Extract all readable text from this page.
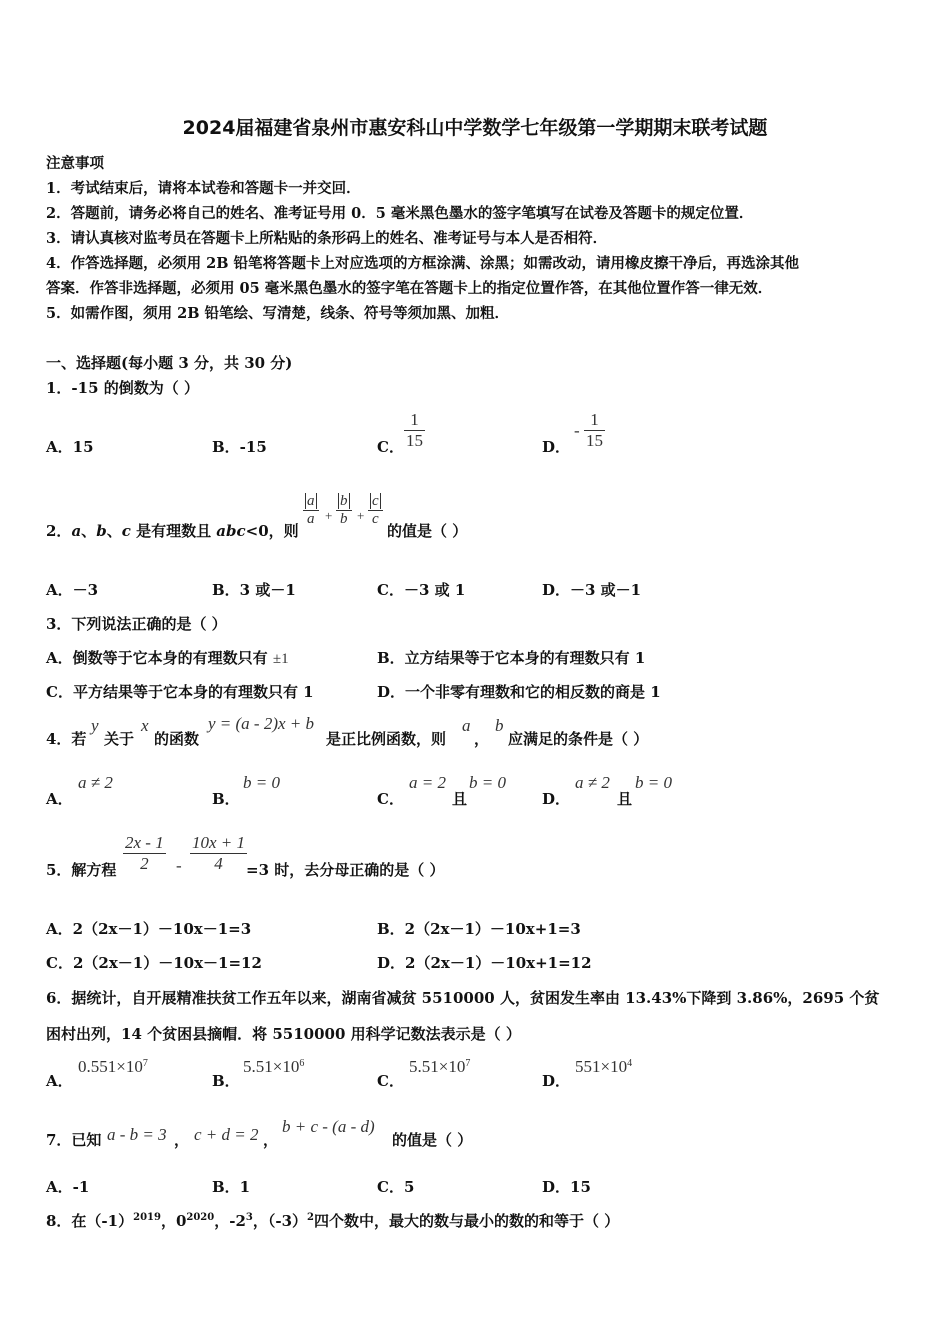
2024届福建省泉州市惠安科山中学数学七年级第一学期期末联考试题
注意事项
1．考试结束后，请将本试卷和答题卡一并交回．
2．答题前，请务必将自己的姓名、准考证号用 0．5 毫米黑色墨水的签字笔填写在试卷及答题卡的规定位置．
3．请认真核对监考员在答题卡上所粘贴的条形码上的姓名、准考证号与本人是否相符．
4．作答选择题，必须用 2B 铅笔将答题卡上对应选项的方框涂满、涂黑；如需改动，请用橡皮擦干净后，再选涂其他
答案．作答非选择题，必须用 05 毫米黑色墨水的签字笔在答题卡上的指定位置作答，在其他位置作答一律无效．
5．如需作图，须用 2B 铅笔绘、写清楚，线条、符号等须加黑、加粗．
一、选择题(每小题 3 分，共 30 分)
1．-15 的倒数为（ ）
A．15	B．-15	C． $\frac{1}{15}$	D．
- $\frac{1}{15}$
2．a、b、c 是有理数且 abc<0，则
$\frac{a}{a} + \frac{b}{b} + \frac{c}{c}$
的值是（ ）
A．－3	B．3 或－1	C．－3 或 1	D．－3 或－1
3．下列说法正确的是（ ）
A．倒数等于它本身的有理数只有 ±1	B．立方结果等于它本身的有理数只有 1
C．平方结果等于它本身的有理数只有 1	D．一个非零有理数和它的相反数的商是 1
4．若
y
关于
x
的函数
y = (a - 2)x + b
是正比例函数，则
a
，
b
应满足的条件是（ ）
A．
a ≠ 2
B．
b = 0
C．
a = 2
且
b = 0
D．
a ≠ 2
且
b = 0
5．解方程 $\frac{2x - 1}{2} - \frac{10x + 1}{4}$
=3 时，去分母正确的是（ ）
A．2（2x－1）－10x－1=3	B．2（2x－1）－10x+1=3
C．2（2x－1）－10x－1=12	D．2（2x－1）－10x+1=12
6．据统计，自开展精准扶贫工作五年以来，湖南省减贫 5510000 人，贫困发生率由 13.43%下降到 3.86%，2695 个贫
困村出列，14 个贫困县摘帽．将 5510000 用科学记数法表示是（ ）
A．
$0.551\times 10^7$
B．
$5.51\times 10^6$
C．
$5.51\times 10^7$
D．
$551\times 10^4$
7．已知 a - b = 3 ， c + d = 2 ，
b + c - (a - d)
的值是（ ）
A．-1	B．1	C．5	D．15
8．在$(-1)^{2019}$，$0^{2020}$，$-2^3$，$(-3)^2$四个数中，最大的数与最小的数的和等于（ ）
